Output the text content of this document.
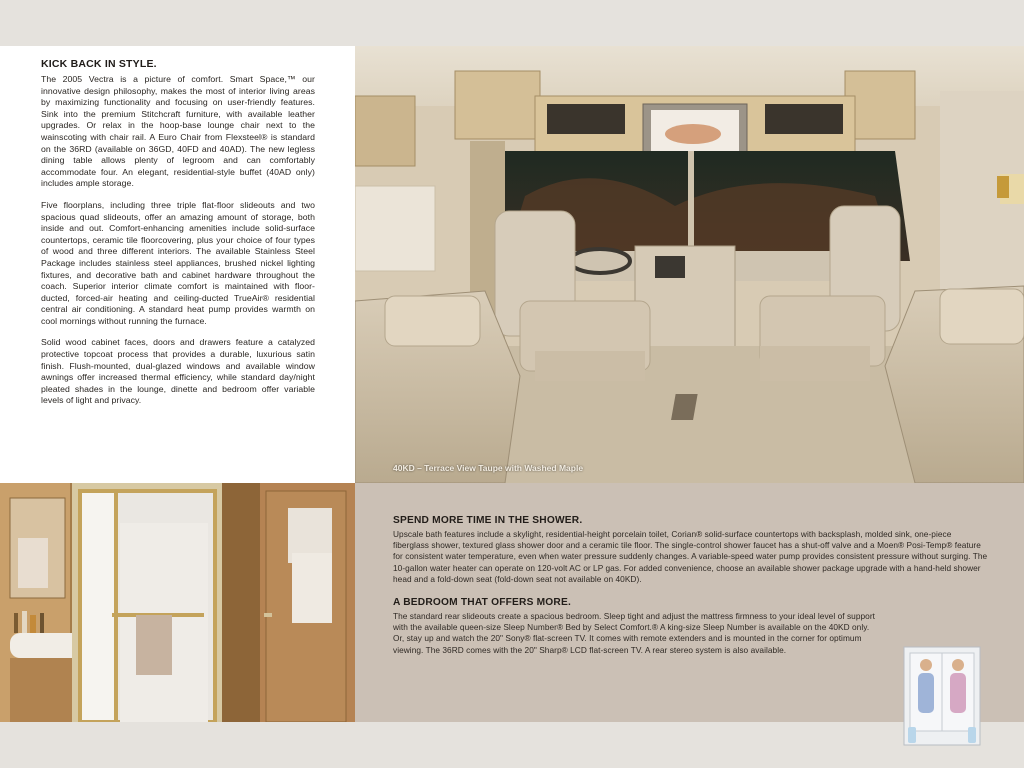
KICK BACK IN STYLE.

The 2005 Vectra is a picture of comfort. Smart Space,™ our innovative design philosophy, makes the most of interior living areas by maximizing functionality and focusing on user-friendly features. Sink into the premium Stitchcraft furniture, with available leather upgrades. Or relax in the hoop-base lounge chair next to the wainscoting with chair rail. A Euro Chair from Flexsteel® is standard on the 36RD (available on 36GD, 40FD and 40AD). The new legless dining table allows plenty of legroom and can comfortably accommodate four. An elegant, residential-style buffet (40AD only) includes ample storage.

Five floorplans, including three triple flat-floor slideouts and two spacious quad slideouts, offer an amazing amount of storage, both inside and out. Comfort-enhancing amenities include solid-surface countertops, ceramic tile floorcovering, plus your choice of four types of wood and three different interiors. The available Stainless Steel Package includes stainless steel appliances, brushed nickel lighting fixtures, and decorative bath and cabinet hardware throughout the coach. Superior interior climate comfort is maintained with floor-ducted, forced-air heating and ceiling-ducted TrueAir® residential central air conditioning. A standard heat pump provides warmth on cool mornings without running the furnace.

Solid wood cabinet faces, doors and drawers feature a catalyzed protective topcoat process that provides a durable, luxurious satin finish. Flush-mounted, dual-glazed windows and available window awnings offer increased thermal efficiency, while standard day/night pleated shades in the lounge, dinette and bedroom offer variable levels of light and privacy.

40KD – Terrace View Taupe with Washed Maple
SPEND MORE TIME IN THE SHOWER.

Upscale bath features include a skylight, residential-height porcelain toilet, Corian® solid-surface countertops with backsplash, molded sink, one-piece fiberglass shower, textured glass shower door and a ceramic tile floor. The single-control shower faucet has a shut-off valve and a Moen® Posi-Temp® feature for consistent water temperature, even when water pressure suddenly changes. A variable-speed water pump provides consistent pressure without surging. The 10-gallon water heater can operate on 120-volt AC or LP gas. For added convenience, choose an available shower package upgrade with a hand-held shower head and a fold-down seat (fold-down seat not available on 40KD).

A BEDROOM THAT OFFERS MORE.

The standard rear slideouts create a spacious bedroom. Sleep tight and adjust the mattress firmness to your ideal level of support with the available queen-size Sleep Number® Bed by Select Comfort.® A king-size Sleep Number is available on the 40KD only. Or, stay up and watch the 20" Sony® flat-screen TV. It comes with remote extenders and is mounted in the corner for optimum viewing. The 36RD comes with the 20" Sharp® LCD flat-screen TV. A rear stereo system is also available.
